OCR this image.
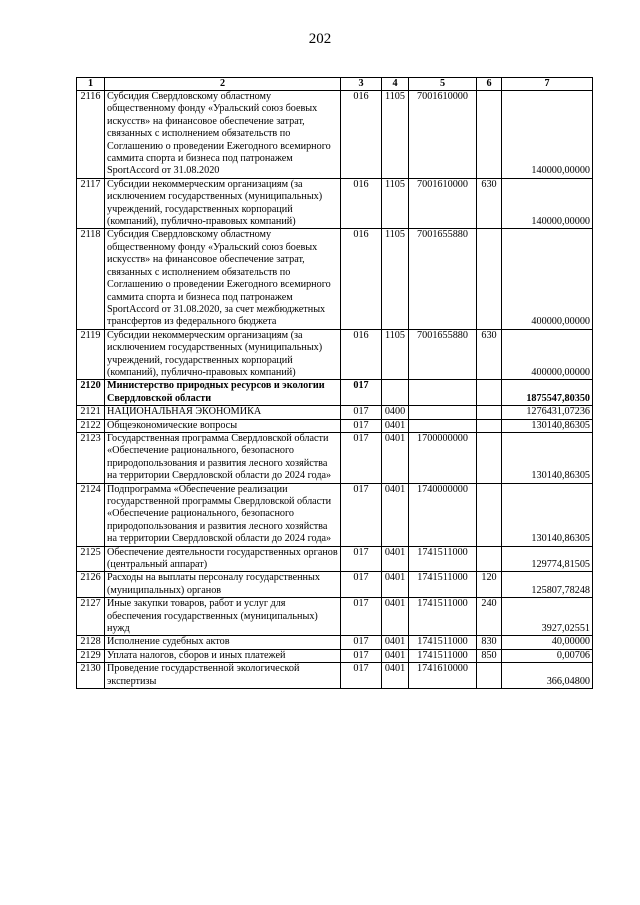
202
1	2	3	4	5	6	7
2116	Субсидия Свердловскому областному общественному фонду «Уральский союз боевых искусств» на финансовое обеспечение затрат, связанных с исполнением обязательств по Соглашению о проведении Ежегодного всемирного саммита спорта и бизнеса под патронажем SportAccord от 31.08.2020	016	1105	7001610000		140000,00000
2117	Субсидии некоммерческим организациям (за исключением государственных (муниципальных) учреждений, государственных корпораций (компаний), публично-правовых компаний)	016	1105	7001610000	630	140000,00000
2118	Субсидия Свердловскому областному общественному фонду «Уральский союз боевых искусств» на финансовое обеспечение затрат, связанных с исполнением обязательств по Соглашению о проведении Ежегодного всемирного саммита спорта и бизнеса под патронажем SportAccord от 31.08.2020, за счет межбюджетных трансфертов из федерального бюджета	016	1105	7001655880		400000,00000
2119	Субсидии некоммерческим организациям (за исключением государственных (муниципальных) учреждений, государственных корпораций (компаний), публично-правовых компаний)	016	1105	7001655880	630	400000,00000
2120	Министерство природных ресурсов и экологии Свердловской области	017				1875547,80350
2121	НАЦИОНАЛЬНАЯ ЭКОНОМИКА	017	0400			1276431,07236
2122	Общеэкономические вопросы	017	0401			130140,86305
2123	Государственная программа Свердловской области «Обеспечение рационального, безопасного природопользования и развития лесного хозяйства на территории Свердловской области до 2024 года»	017	0401	1700000000		130140,86305
2124	Подпрограмма «Обеспечение реализации государственной программы Свердловской области «Обеспечение рационального, безопасного природопользования и развития лесного хозяйства на территории Свердловской области до 2024 года»	017	0401	1740000000		130140,86305
2125	Обеспечение деятельности государственных органов (центральный аппарат)	017	0401	1741511000		129774,81505
2126	Расходы на выплаты персоналу государственных (муниципальных) органов	017	0401	1741511000	120	125807,78248
2127	Иные закупки товаров, работ и услуг для обеспечения государственных (муниципальных) нужд	017	0401	1741511000	240	3927,02551
2128	Исполнение судебных актов	017	0401	1741511000	830	40,00000
2129	Уплата налогов, сборов и иных платежей	017	0401	1741511000	850	0,00706
2130	Проведение государственной экологической экспертизы	017	0401	1741610000		366,04800
